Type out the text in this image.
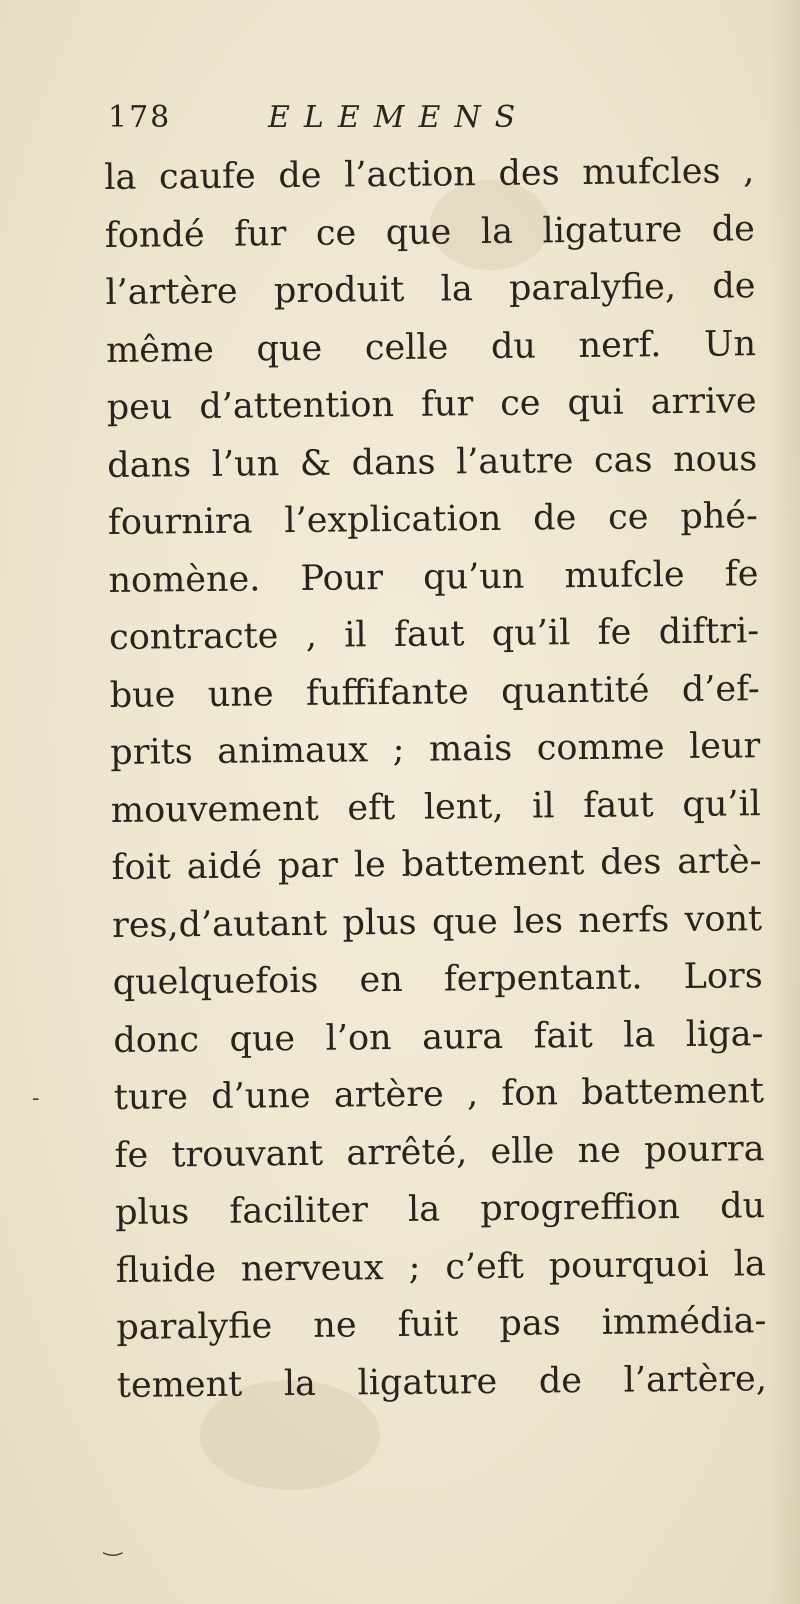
178	ELEMENS
la caufe de l’action des mufcles ,
fondé fur ce que la ligature de
l’artère produit la paralyfie, de
même que celle du nerf. Un
peu d’attention fur ce qui arrive
dans l’un & dans l’autre cas nous
fournira l’explication de ce phé-
nomène. Pour qu’un mufcle fe
contracte , il faut qu’il fe diftri-
bue une fuffifante quantité d’ef-
prits animaux ; mais comme leur
mouvement eft lent, il faut qu’il
foit aidé par le battement des artè-
res,d’autant plus que les nerfs vont
quelquefois en ferpentant. Lors
donc que l’on aura fait la liga-
ture d’une artère , fon battement
fe trouvant arrêté, elle ne pourra
plus faciliter la progreffion du
fluide nerveux ; c’eft pourquoi la
paralyfie ne fuit pas immédia-
tement la ligature de l’artère,
‐
‿
